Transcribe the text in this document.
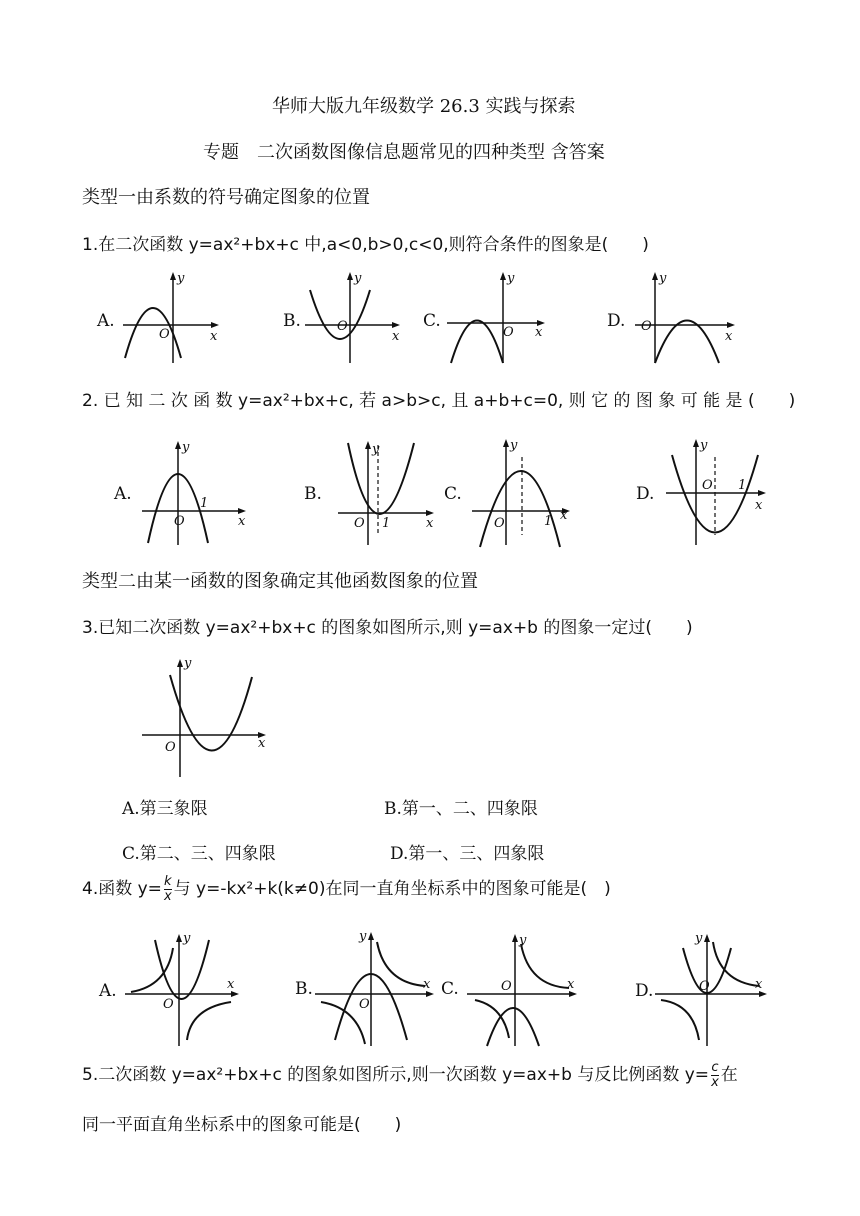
华师大版九年级数学 26.3 实践与探索
专题　二次函数图像信息题常见的四种类型 含答案
类型一由系数的符号确定图象的位置
1.在二次函数 y=ax²+bx+c 中,a<0,b>0,c<0,则符合条件的图象是(　　)
A.
y
x
O
B.
y
x
O	C.
y
x
O
D.
y
x
O
2. 已 知 二 次 函 数 y=ax²+bx+c, 若 a>b>c, 且 a+b+c=0, 则 它 的 图 象 可 能 是 (　　)
A.
y
x
O
1	B.
y
x
O 1
C.
y
x
O	1
D.
y
x
O 1
类型二由某一函数的图象确定其他函数图象的位置
3.已知二次函数 y=ax²+bx+c 的图象如图所示,则 y=ax+b 的图象一定过(　　)
y
x
O
A.第三象限	B.第一、二、四象限
C.第二、三、四象限	D.第一、三、四象限
4.函数 $y= \frac{k}{x}$ 与 y=-kx²+k(k≠0)在同一直角坐标系中的图象可能是(　)
A.
y
x
O
B.
y
x
O
C.
y
x
O	D.
y
x
O
5.二次函数 y=ax²+bx+c 的图象如图所示,则一次函数 y=ax+b 与反比例函数 $y= \frac{c}{x}$ 在
同一平面直角坐标系中的图象可能是(　　)
